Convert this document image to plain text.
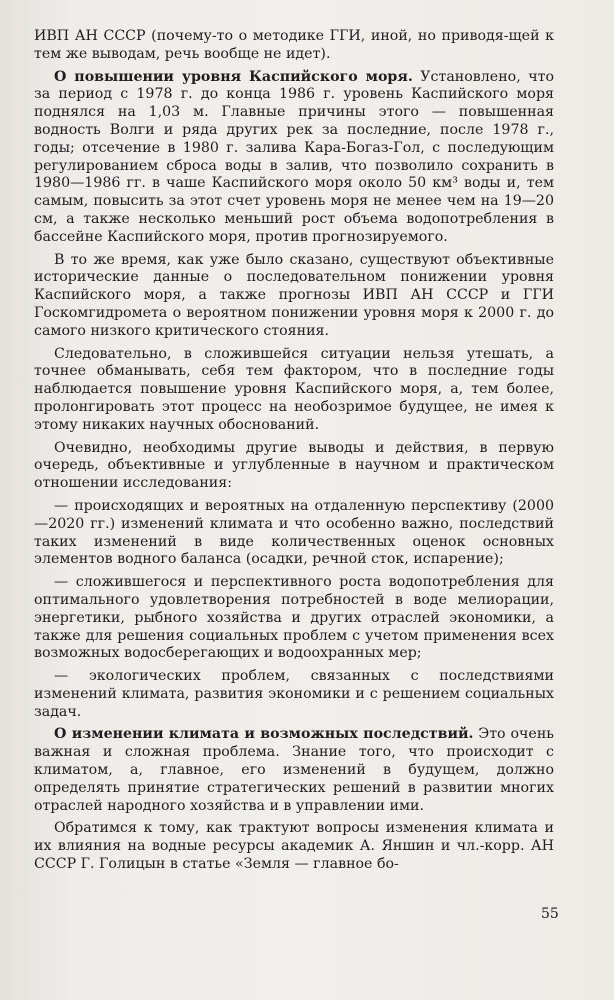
ИВП АН СССР (почему-то о методике ГГИ, иной, но приводя-щей к тем же выводам, речь вообще не идет).

О повышении уровня Каспийского моря. Установлено, что за период с 1978 г. до конца 1986 г. уровень Каспийского моря поднялся на 1,03 м. Главные причины этого — повышенная водность Волги и ряда других рек за последние, после 1978 г., годы; отсечение в 1980 г. залива Кара-Богаз-Гол, с последующим регулированием сброса воды в залив, что позволило сохранить в 1980—1986 гг. в чаше Каспийского моря около 50 км³ воды и, тем самым, повысить за этот счет уровень моря не менее чем на 19—20 см, а также несколько меньший рост объема водопотребления в бассейне Каспийского моря, против прогнозируемого.

В то же время, как уже было сказано, существуют объективные исторические данные о последовательном понижении уровня Каспийского моря, а также прогнозы ИВП АН СССР и ГГИ Госкомгидромета о вероятном понижении уровня моря к 2000 г. до самого низкого критического стояния.

Следовательно, в сложившейся ситуации нельзя утешать, а точнее обманывать, себя тем фактором, что в последние годы наблюдается повышение уровня Каспийского моря, а, тем более, пролонгировать этот процесс на необозримое будущее, не имея к этому никаких научных обоснований.

Очевидно, необходимы другие выводы и действия, в первую очередь, объективные и углубленные в научном и практическом отношении исследования:

— происходящих и вероятных на отдаленную перспективу (2000—2020 гг.) изменений климата и что особенно важно, последствий таких изменений в виде количественных оценок основных элементов водного баланса (осадки, речной сток, испарение);

— сложившегося и перспективного роста водопотребления для оптимального удовлетворения потребностей в воде мелиорации, энергетики, рыбного хозяйства и других отраслей экономики, а также для решения социальных проблем с учетом применения всех возможных водосберегающих и водоохранных мер;

— экологических проблем, связанных с последствиями изменений климата, развития экономики и с решением социальных задач.

О изменении климата и возможных последствий. Это очень важная и сложная проблема. Знание того, что происходит с климатом, а, главное, его изменений в будущем, должно определять принятие стратегических решений в развитии многих отраслей народного хозяйства и в управлении ими.

Обратимся к тому, как трактуют вопросы изменения климата и их влияния на водные ресурсы академик А. Яншин и чл.-корр. АН СССР Г. Голицын в статье «Земля — главное бо-

55
